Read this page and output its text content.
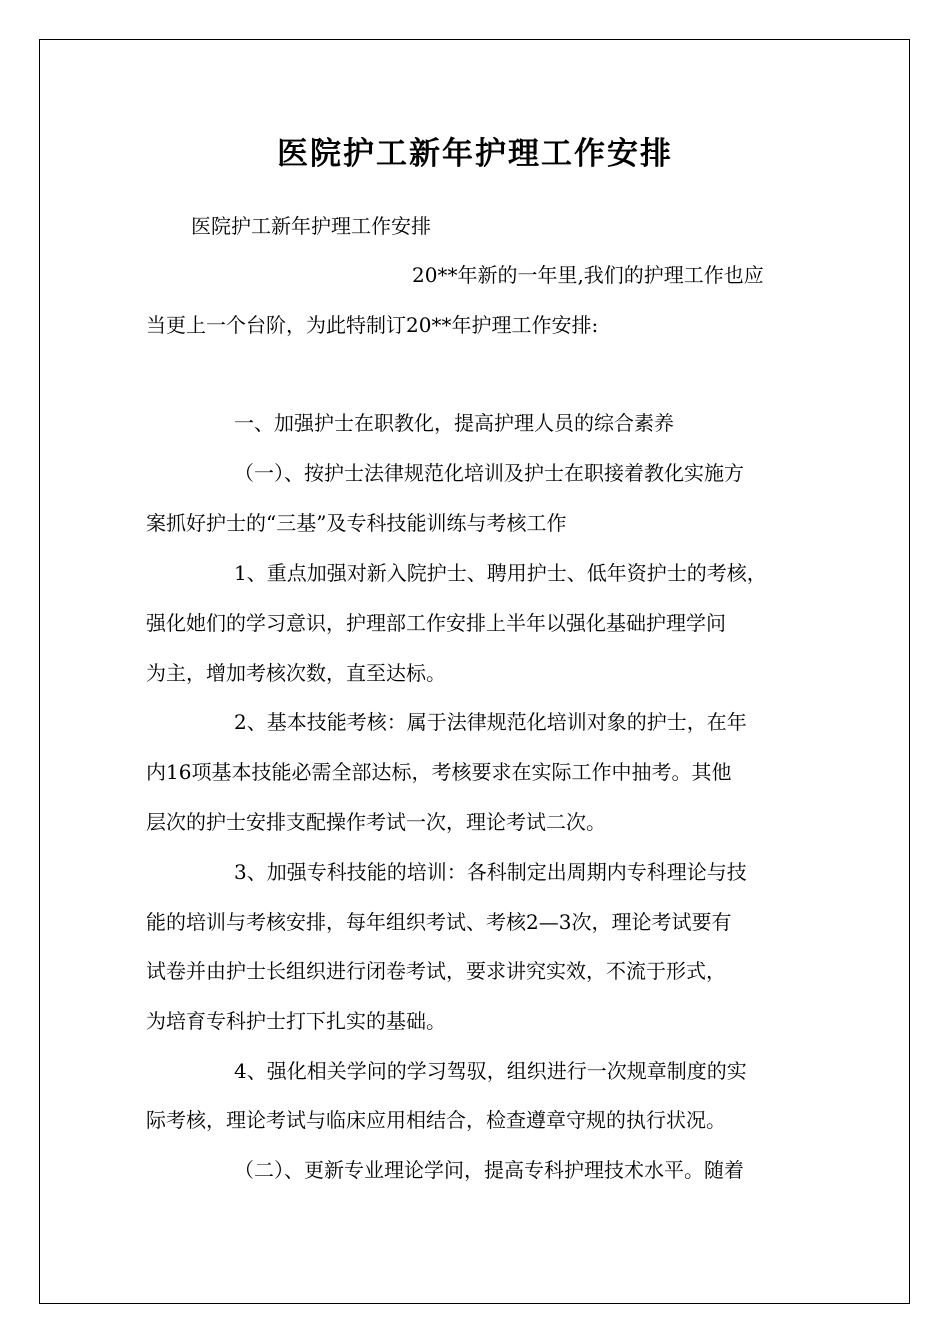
医院护工新年护理工作安排
医院护工新年护理工作安排
20**年新的一年里,我们的护理工作也应
当更上一个台阶，为此特制订20**年护理工作安排:
一、加强护士在职教化，提高护理人员的综合素养
（一）、按护士法律规范化培训及护士在职接着教化实施方
案抓好护士的“三基”及专科技能训练与考核工作
1、重点加强对新入院护士、聘用护士、低年资护士的考核，
强化她们的学习意识，护理部工作安排上半年以强化基础护理学问
为主，增加考核次数，直至达标。
2、基本技能考核：属于法律规范化培训对象的护士，在年
内16项基本技能必需全部达标，考核要求在实际工作中抽考。其他
层次的护士安排支配操作考试一次，理论考试二次。
3、加强专科技能的培训：各科制定出周期内专科理论与技
能的培训与考核安排，每年组织考试、考核2—3次，理论考试要有
试卷并由护士长组织进行闭卷考试，要求讲究实效，不流于形式，
为培育专科护士打下扎实的基础。
4、强化相关学问的学习驾驭，组织进行一次规章制度的实
际考核，理论考试与临床应用相结合，检查遵章守规的执行状况。
（二）、更新专业理论学问，提高专科护理技术水平。随着
